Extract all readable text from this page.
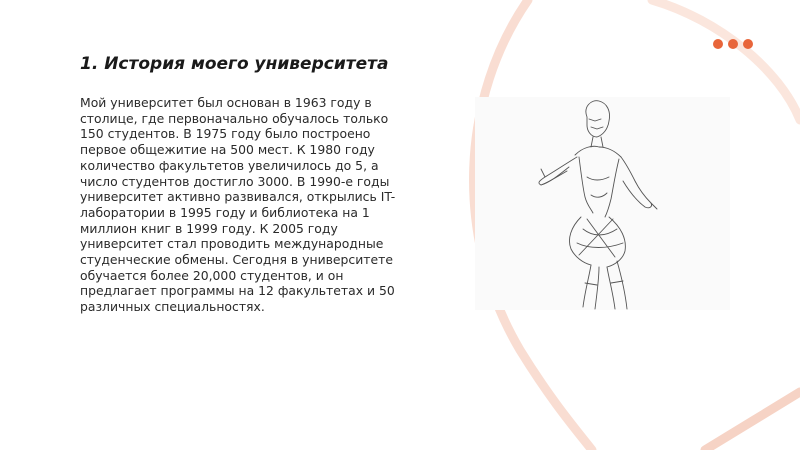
1. История моего университета

Мой университет был основан в 1963 году в столице, где первоначально обучалось только 150 студентов. В 1975 году было построено первое общежитие на 500 мест. К 1980 году количество факультетов увеличилось до 5, а число студентов достигло 3000. В 1990-е годы университет активно развивался, открылись IT-лаборатории в 1995 году и библиотека на 1 миллион книг в 1999 году. К 2005 году университет стал проводить международные студенческие обмены. Сегодня в университете обучается более 20,000 студентов, и он предлагает программы на 12 факультетах и 50 различных специальностях.
